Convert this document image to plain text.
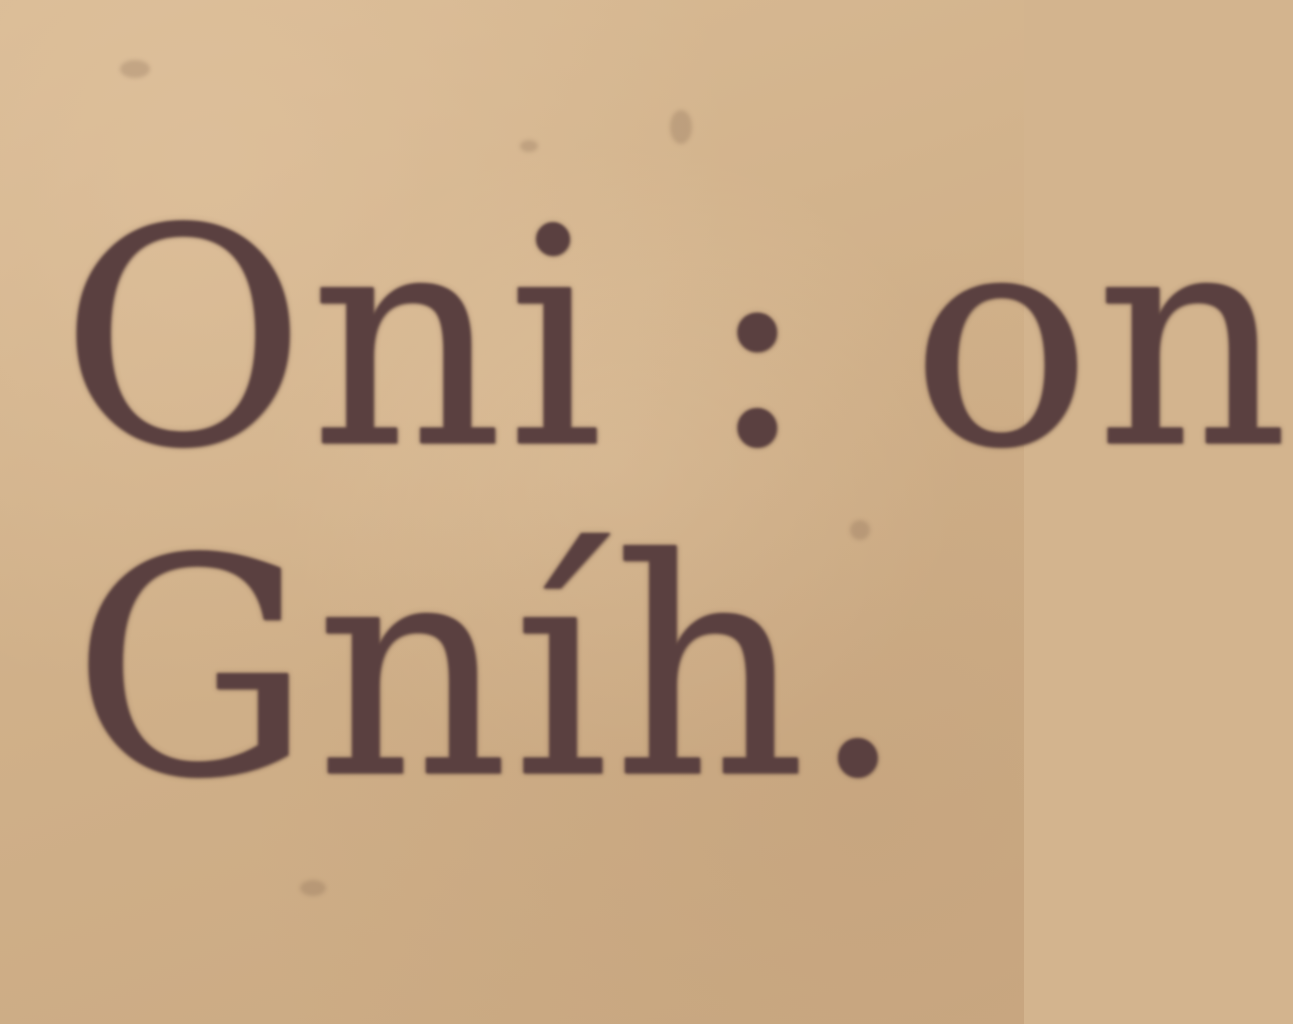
Oni : on

Gníh.
